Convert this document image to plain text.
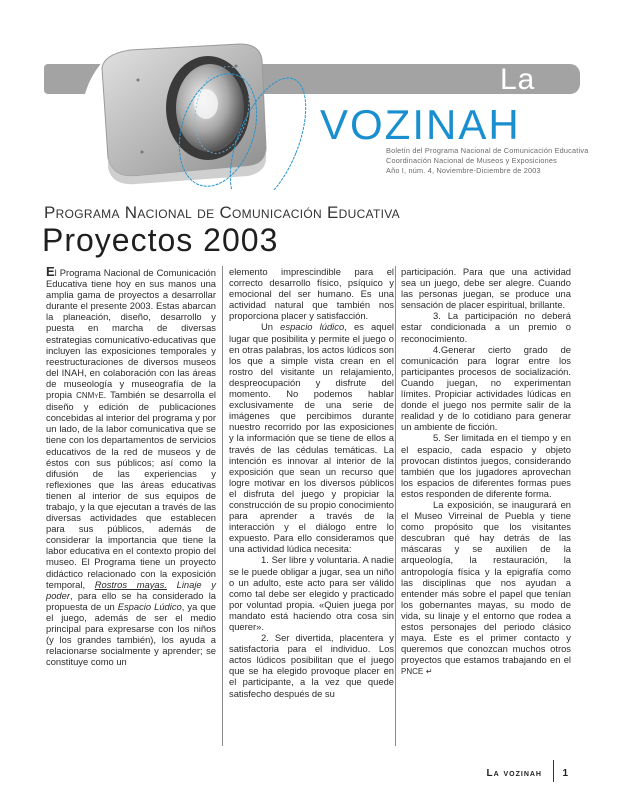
La
VOZINAH
Boletín del Programa Nacional de Comunicación Educativa
Coordinación Nacional de Museos y Exposiciones
Año I, núm. 4, Noviembre-Diciembre de 2003
Programa Nacional de Comunicación Educativa
Proyectos 2003

El Programa Nacional de Comunicación Educativa tiene hoy en sus manos una amplia gama de proyectos a desarrollar durante el presente 2003. Estas abarcan la planeación, diseño, desarrollo y puesta en marcha de diversas estrategias comunicativo-educativas que incluyen las exposiciones temporales y reestructuraciones de diversos museos del INAH, en colaboración con las áreas de museología y museografía de la propia CNMyE. También se desarrolla el diseño y edición de publicaciones concebidas al interior del programa y por un lado, de la labor comunicativa que se tiene con los departamentos de servicios educativos de la red de museos y de éstos con sus públicos; así como la difusión de las experiencias y reflexiones que las áreas educativas tienen al interior de sus equipos de trabajo, y la que ejecutan a través de las diversas actividades que establecen para sus públicos, además de considerar la importancia que tiene la labor educativa en el contexto propio del museo. El Programa tiene un proyecto didáctico relacionado con la exposición temporal, Rostros mayas. Linaje y poder, para ello se ha considerado la propuesta de un Espacio Lúdico, ya que el juego, además de ser el medio principal para expresarse con los niños (y los grandes también), los ayuda a relacionarse socialmente y aprender; se constituye como un

elemento imprescindible para el correcto desarrollo físico, psíquico y emocional del ser humano. Es una actividad natural que también nos proporciona placer y satisfacción.

Un espacio lúdico, es aquel lugar que posibilita y permite el juego o en otras palabras, los actos lúdicos son los que a simple vista crean en el rostro del visitante un relajamiento, despreocupación y disfrute del momento. No podemos hablar exclusivamente de una serie de imágenes que percibimos durante nuestro recorrido por las exposiciones y la información que se tiene de ellos a través de las cédulas temáticas. La intención es innovar al interior de la exposición que sean un recurso que logre motivar en los diversos públicos el disfruta del juego y propiciar la construcción de su propio conocimiento para aprender a través de la interacción y el diálogo entre lo expuesto. Para ello consideramos que una actividad lúdica necesita:

1. Ser libre y voluntaria. A nadie se le puede obligar a jugar, sea un niño o un adulto, este acto para ser válido como tal debe ser elegido y practicado por voluntad propia. «Quien juega por mandato está haciendo otra cosa sin querer».

2. Ser divertida, placentera y satisfactoria para el individuo. Los actos lúdicos posibilitan que el juego que se ha elegido provoque placer en el participante, a la vez que quede satisfecho después de su

participación. Para que una actividad sea un juego, debe ser alegre. Cuando las personas juegan, se produce una sensación de placer espiritual, brillante.

3. La participación no deberá estar condicionada a un premio o reconocimiento.

4.Generar cierto grado de comunicación para lograr entre los participantes procesos de socialización. Cuando juegan, no experimentan límites. Propiciar actividades lúdicas en donde el juego nos permite salir de la realidad y de lo cotidiano para generar un ambiente de ficción.

5. Ser limitada en el tiempo y en el espacio, cada espacio y objeto provocan distintos juegos, considerando también que los jugadores aprovechan los espacios de diferentes formas pues estos responden de diferente forma.

La exposición, se inaugurará en el Museo Virreinal de Puebla y tiene como propósito que los visitantes descubran qué hay detrás de las máscaras y se auxilien de la arqueología, la restauración, la antropología física y la epigrafía como las disciplinas que nos ayudan a entender más sobre el papel que tenían los gobernantes mayas, su modo de vida, su linaje y el entorno que rodea a estos personajes del periodo clásico maya. Este es el primer contacto y queremos que conozcan muchos otros proyectos que estamos trabajando en el PNCE ↵

La vozinah 1
